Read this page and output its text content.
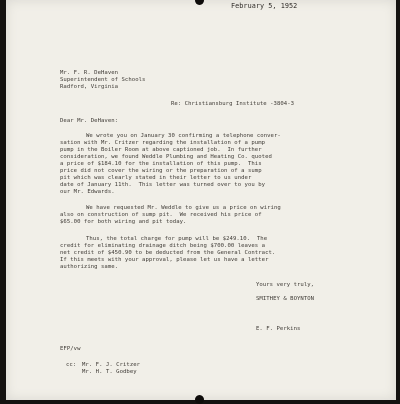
February 5, 1952
Mr. F. R. DeHaven
Superintendent of Schools
Radford, Virginia
Re: Christiansburg Institute -3804-3
Dear Mr. DeHaven:
We wrote you on January 30 confirming a telephone conver-
sation with Mr. Critzer regarding the installation of a pump
pump in the Boiler Room at above captioned job.  In further
consideration, we found Weddle Plumbing and Heating Co. quoted
a price of $184.10 for the installation of this pump.  This
price did not cover the wiring or the preparation of a sump
pit which was clearly stated in their letter to us under
date of January 11th.  This letter was turned over to you by
our Mr. Edwards.
We have requested Mr. Weddle to give us a price on wiring
also on construction of sump pit.  We received his price of
$65.00 for both wiring and pit today.
Thus, the total charge for pump will be $249.10.  The
credit for eliminating drainage ditch being $700.00 leaves a
net credit of $450.90 to be deducted from the General Contract.
If this meets with your approval, please let us have a letter
authorizing same.
Yours very truly,
SMITHEY & BOYNTON
E. F. Perkins
EFP/vw
cc: Mr. F. J. Critzer
Mr. H. T. Godbey
